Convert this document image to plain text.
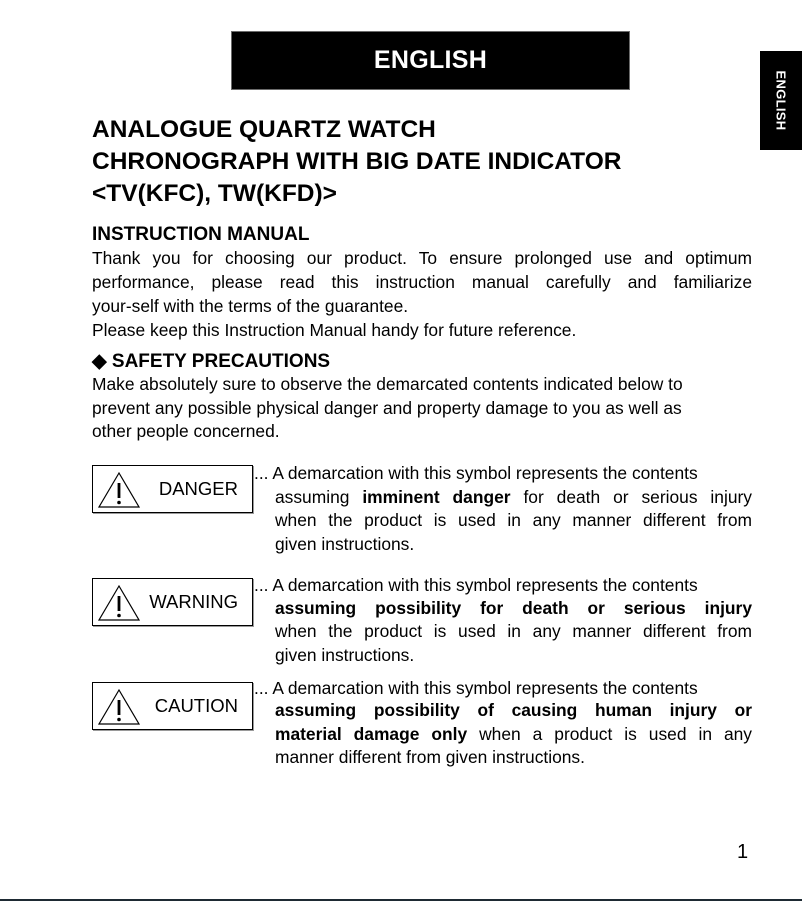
ENGLISH
ENGLISH
ANALOGUE QUARTZ WATCH
CHRONOGRAPH WITH BIG DATE INDICATOR
<TV(KFC), TW(KFD)>
INSTRUCTION MANUAL
Thank you for choosing our product. To ensure prolonged use and optimum
performance, please read this instruction manual carefully and familiarize
your-self with the terms of the guarantee.
Please keep this Instruction Manual handy for future reference.
◆ SAFETY PRECAUTIONS
Make absolutely sure to observe the demarcated contents indicated below to
prevent any possible physical danger and property damage to you as well as
other people concerned.
DANGER
... A demarcation with this symbol represents the contents
assuming imminent danger for death or serious injury
when the product is used in any manner different from
given instructions.
WARNING
... A demarcation with this symbol represents the contents
assuming possibility for death or serious injury
when the product is used in any manner different from
given instructions.
CAUTION
... A demarcation with this symbol represents the contents
assuming possibility of causing human injury or
material damage only when a product is used in any
manner different from given instructions.
1
